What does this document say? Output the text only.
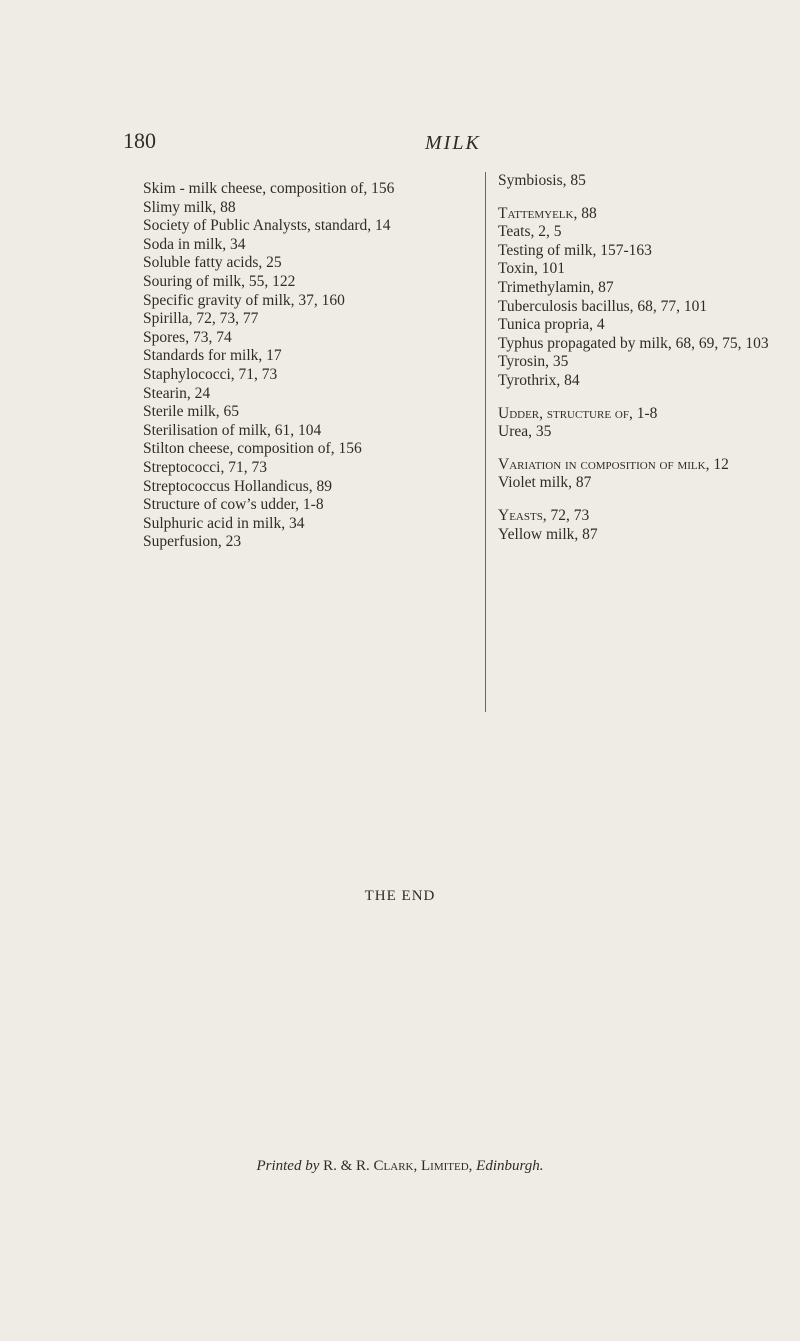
180	MILK

Skim - milk cheese, composition of, 156

Slimy milk, 88

Society of Public Analysts, standard, 14

Soda in milk, 34

Soluble fatty acids, 25

Souring of milk, 55, 122

Specific gravity of milk, 37, 160

Spirilla, 72, 73, 77

Spores, 73, 74

Standards for milk, 17

Staphylococci, 71, 73

Stearin, 24

Sterile milk, 65

Sterilisation of milk, 61, 104

Stilton cheese, composition of, 156

Streptococci, 71, 73

Streptococcus Hollandicus, 89

Structure of cow’s udder, 1-8

Sulphuric acid in milk, 34

Superfusion, 23

Symbiosis, 85

Tattemyelk, 88

Teats, 2, 5

Testing of milk, 157-163

Toxin, 101

Trimethylamin, 87

Tuberculosis bacillus, 68, 77, 101

Tunica propria, 4

Typhus propagated by milk, 68, 69, 75, 103

Tyrosin, 35

Tyrothrix, 84

Udder, structure of, 1-8

Urea, 35

Variation in composition of milk, 12

Violet milk, 87

Yeasts, 72, 73

Yellow milk, 87

THE END
Printed by R. & R. Clark, Limited, Edinburgh.
